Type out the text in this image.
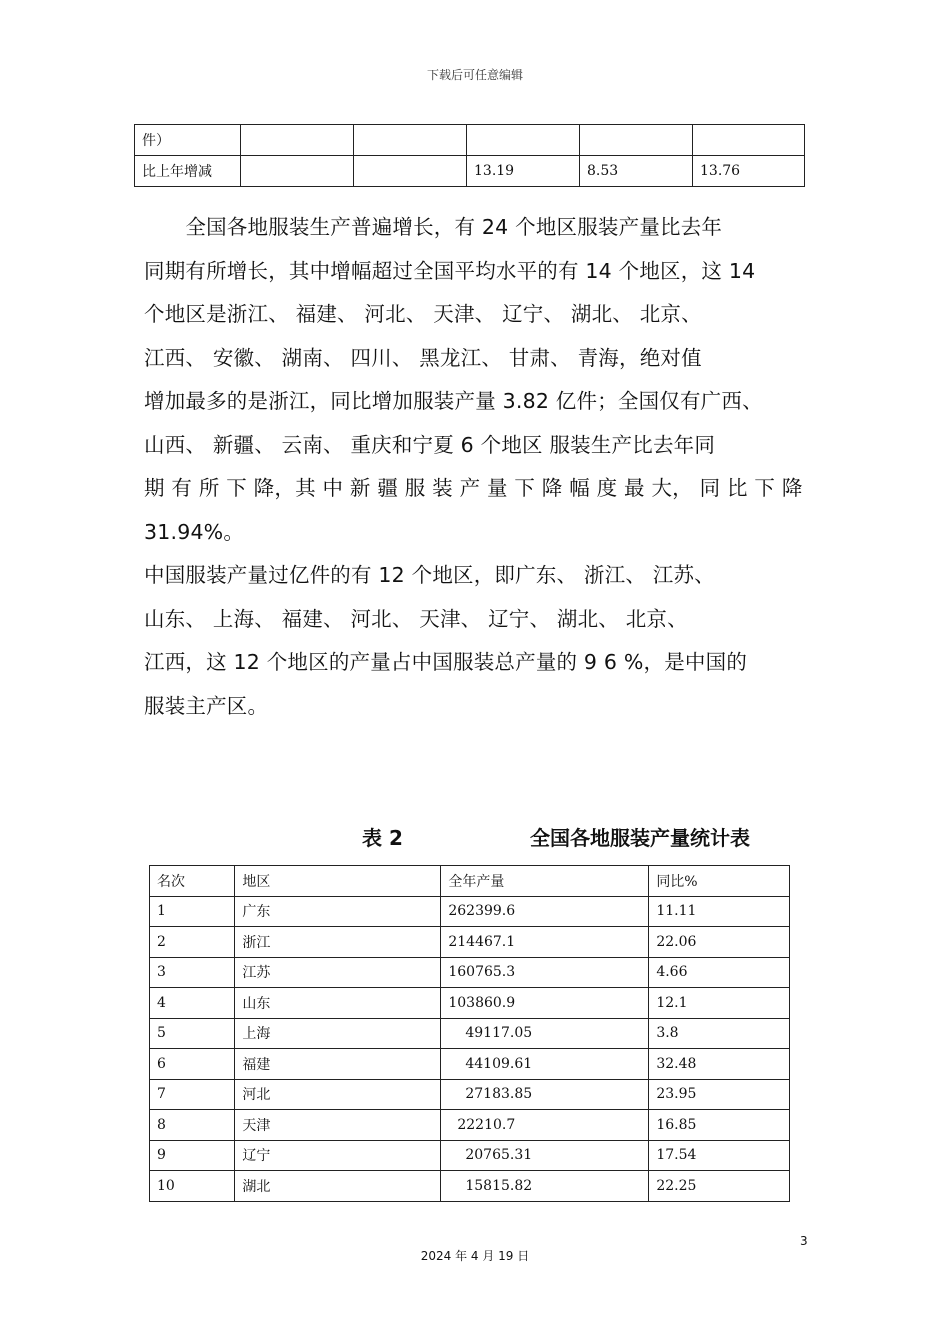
下载后可任意编辑
件）					
比上年增减			13.19	8.53	13.76
　　全国各地服装生产普遍增长，有 24 个地区服装产量比去年
同期有所增长，其中增幅超过全国平均水平的有 14 个地区，这 14
个地区是浙江、 福建、 河北、 天津、 辽宁、 湖北、 北京、
江西、 安徽、 湖南、 四川、 黑龙江、 甘肃、 青海，绝对值
增加最多的是浙江，同比增加服装产量 3.82 亿件；全国仅有广西、
山西、 新疆、 云南、 重庆和宁夏 6 个地区 服装生产比去年同
期 有 所 下 降，其 中 新 疆 服 装 产 量 下 降 幅 度 最 大， 同 比 下 降
31.94%。
中国服装产量过亿件的有 12 个地区，即广东、 浙江、 江苏、
山东、 上海、 福建、 河北、 天津、 辽宁、 湖北、 北京、
江西，这 12 个地区的产量占中国服装总产量的 9 6 %，是中国的
服装主产区。
表 2	全国各地服装产量统计表
名次	地区	全年产量	同比%
1	广东	262399.6	11.11
2	浙江	214467.1	22.06
3	江苏	160765.3	4.66
4	山东	103860.9	12.1
5	上海	49117.05	3.8
6	福建	44109.61	32.48
7	河北	27183.85	23.95
8	天津	22210.7	16.85
9	辽宁	20765.31	17.54
10	湖北	15815.82	22.25
3
2024 年 4 月 19 日
